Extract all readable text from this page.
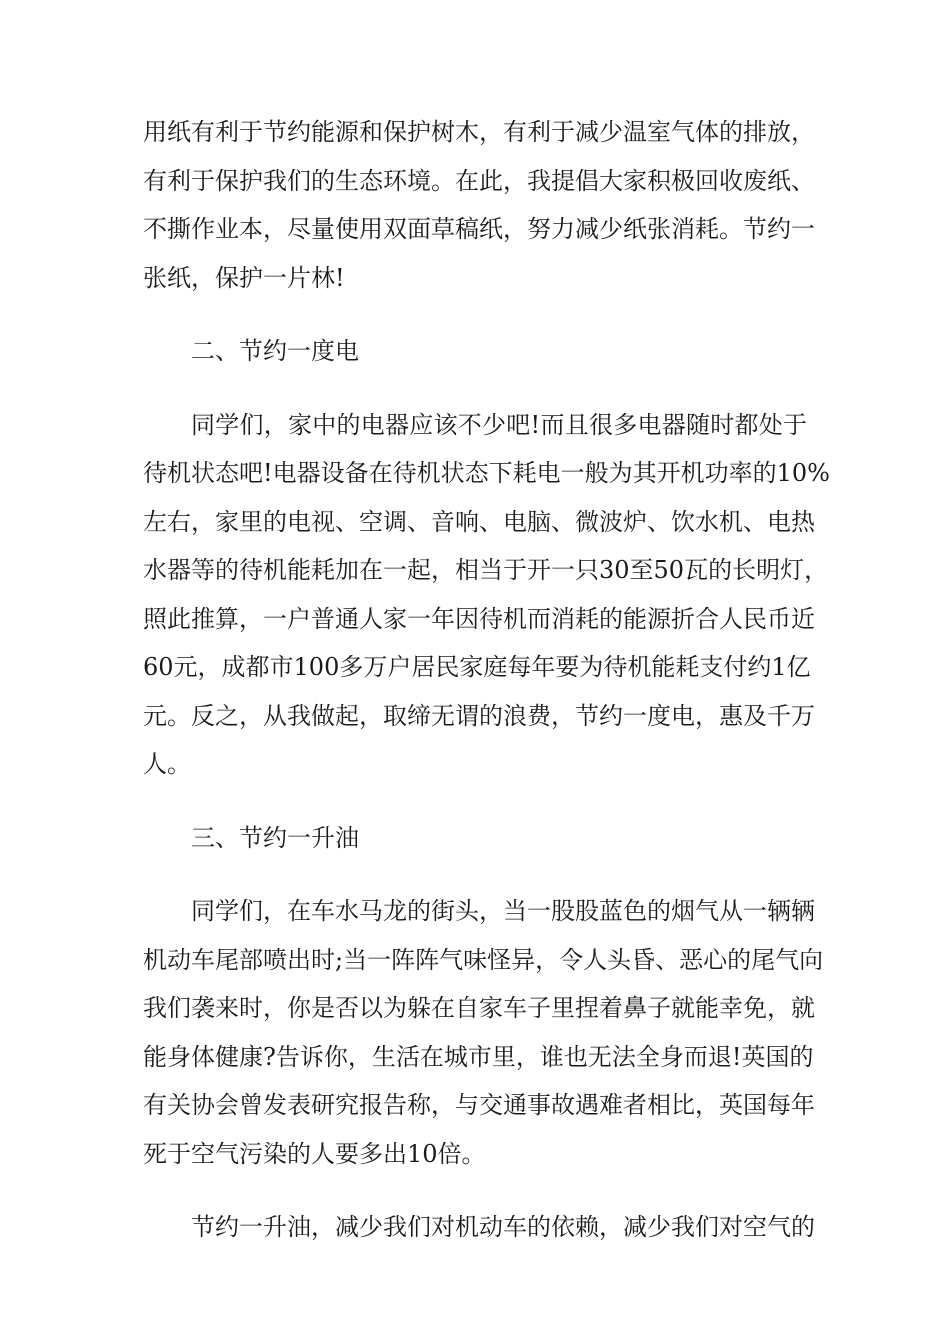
用纸有利于节约能源和保护树木，有利于减少温室气体的排放，
有利于保护我们的生态环境。在此，我提倡大家积极回收废纸、
不撕作业本，尽量使用双面草稿纸，努力减少纸张消耗。节约一
张纸，保护一片林!

二、节约一度电

同学们，家中的电器应该不少吧!而且很多电器随时都处于
待机状态吧!电器设备在待机状态下耗电一般为其开机功率的10%
左右，家里的电视、空调、音响、电脑、微波炉、饮水机、电热
水器等的待机能耗加在一起，相当于开一只30至50瓦的长明灯，
照此推算，一户普通人家一年因待机而消耗的能源折合人民币近
60元，成都市100多万户居民家庭每年要为待机能耗支付约1亿
元。反之，从我做起，取缔无谓的浪费，节约一度电，惠及千万
人。

三、节约一升油

同学们，在车水马龙的街头，当一股股蓝色的烟气从一辆辆
机动车尾部喷出时;当一阵阵气味怪异，令人头昏、恶心的尾气向
我们袭来时，你是否以为躲在自家车子里捏着鼻子就能幸免，就
能身体健康?告诉你，生活在城市里，谁也无法全身而退!英国的
有关协会曾发表研究报告称，与交通事故遇难者相比，英国每年
死于空气污染的人要多出10倍。

节约一升油，减少我们对机动车的依赖，减少我们对空气的
